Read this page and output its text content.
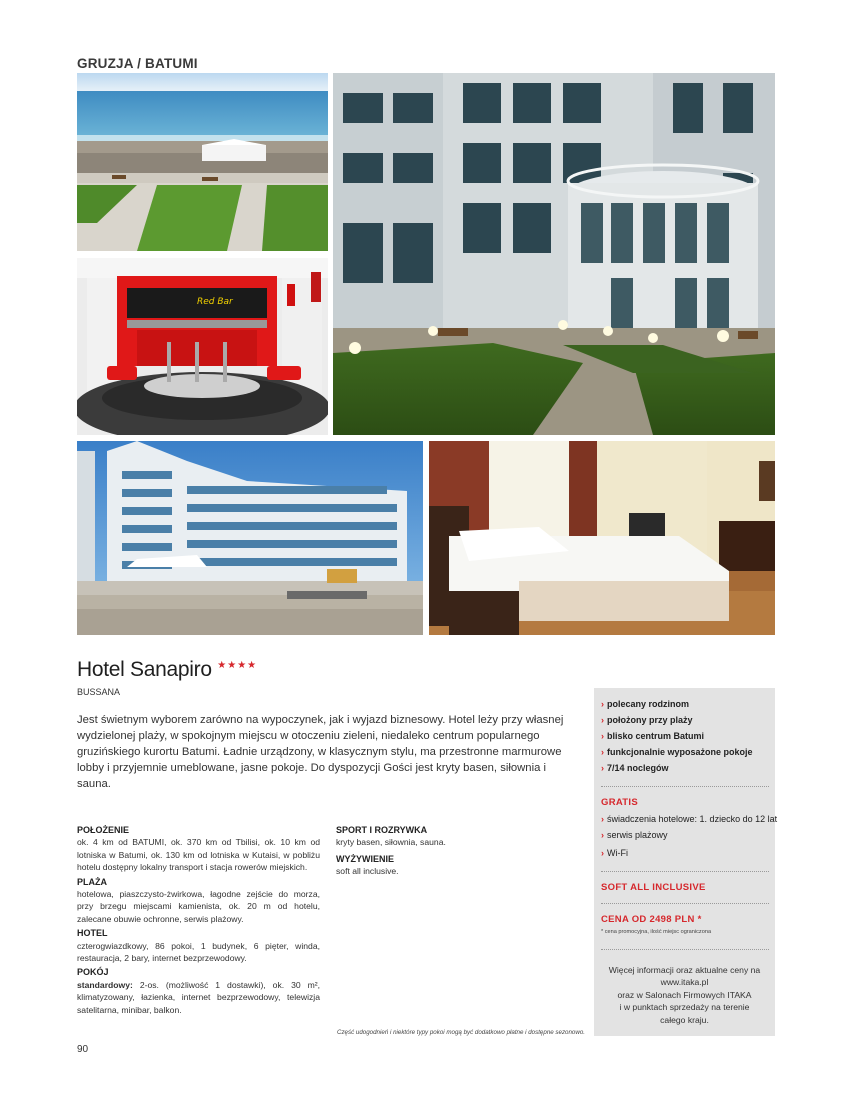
GRUZJA / BATUMI
Red Bar
Hotel Sanapiro ★★★★
BUSSANA
Jest świetnym wyborem zarówno na wypoczynek, jak i wyjazd biznesowy. Hotel leży przy własnej wydzielonej plaży, w spokojnym miejscu w otoczeniu zieleni, niedaleko centrum popularnego gruzińskiego kurortu Batumi. Ładnie urządzony, w klasycznym stylu, ma przestronne marmurowe lobby i przyjemnie umeblowane, jasne pokoje. Do dyspozycji Gości jest kryty basen, siłownia i sauna.
POŁOŻENIE

ok. 4 km od BATUMI, ok. 370 km od Tbilisi, ok. 10 km od lotniska w Batumi, ok. 130 km od lotniska w Kutaisi, w pobliżu hotelu dostępny lokalny transport i stacja rowerów miejskich.

PLAŻA

hotelowa, piaszczysto-żwirkowa, łagodne zejście do morza, przy brzegu miejscami kamienista, ok. 20 m od hotelu, zalecane obuwie ochronne, serwis plażowy.

HOTEL

czterogwiazdkowy, 86 pokoi, 1 budynek, 6 pięter, winda, restauracja, 2 bary, internet bezprzewodowy.

POKÓJ

standardowy: 2-os. (możliwość 1 dostawki), ok. 30 m², klimatyzowany, łazienka, internet bezprzewodowy, telewizja satelitarna, minibar, balkon.

SPORT I ROZRYWKA

kryty basen, siłownia, sauna.

WYŻYWIENIE

soft all inclusive.

Część udogodnień i niektóre typy pokoi mogą być dodatkowo płatne i dostępne sezonowo.
90
› polecany rodzinom
› położony przy plaży
› blisko centrum Batumi
› funkcjonalnie wyposażone pokoje
› 7/14 noclegów
GRATIS
› świadczenia hotelowe: 1. dziecko do 12 lat
› serwis plażowy
› Wi-Fi
SOFT ALL INCLUSIVE
CENA OD 2498 PLN *
* cena promocyjna, ilość miejsc ograniczona
Więcej informacji oraz aktualne ceny na
www.itaka.pl
oraz w Salonach Firmowych ITAKA
i w punktach sprzedaży na terenie
całego kraju.
